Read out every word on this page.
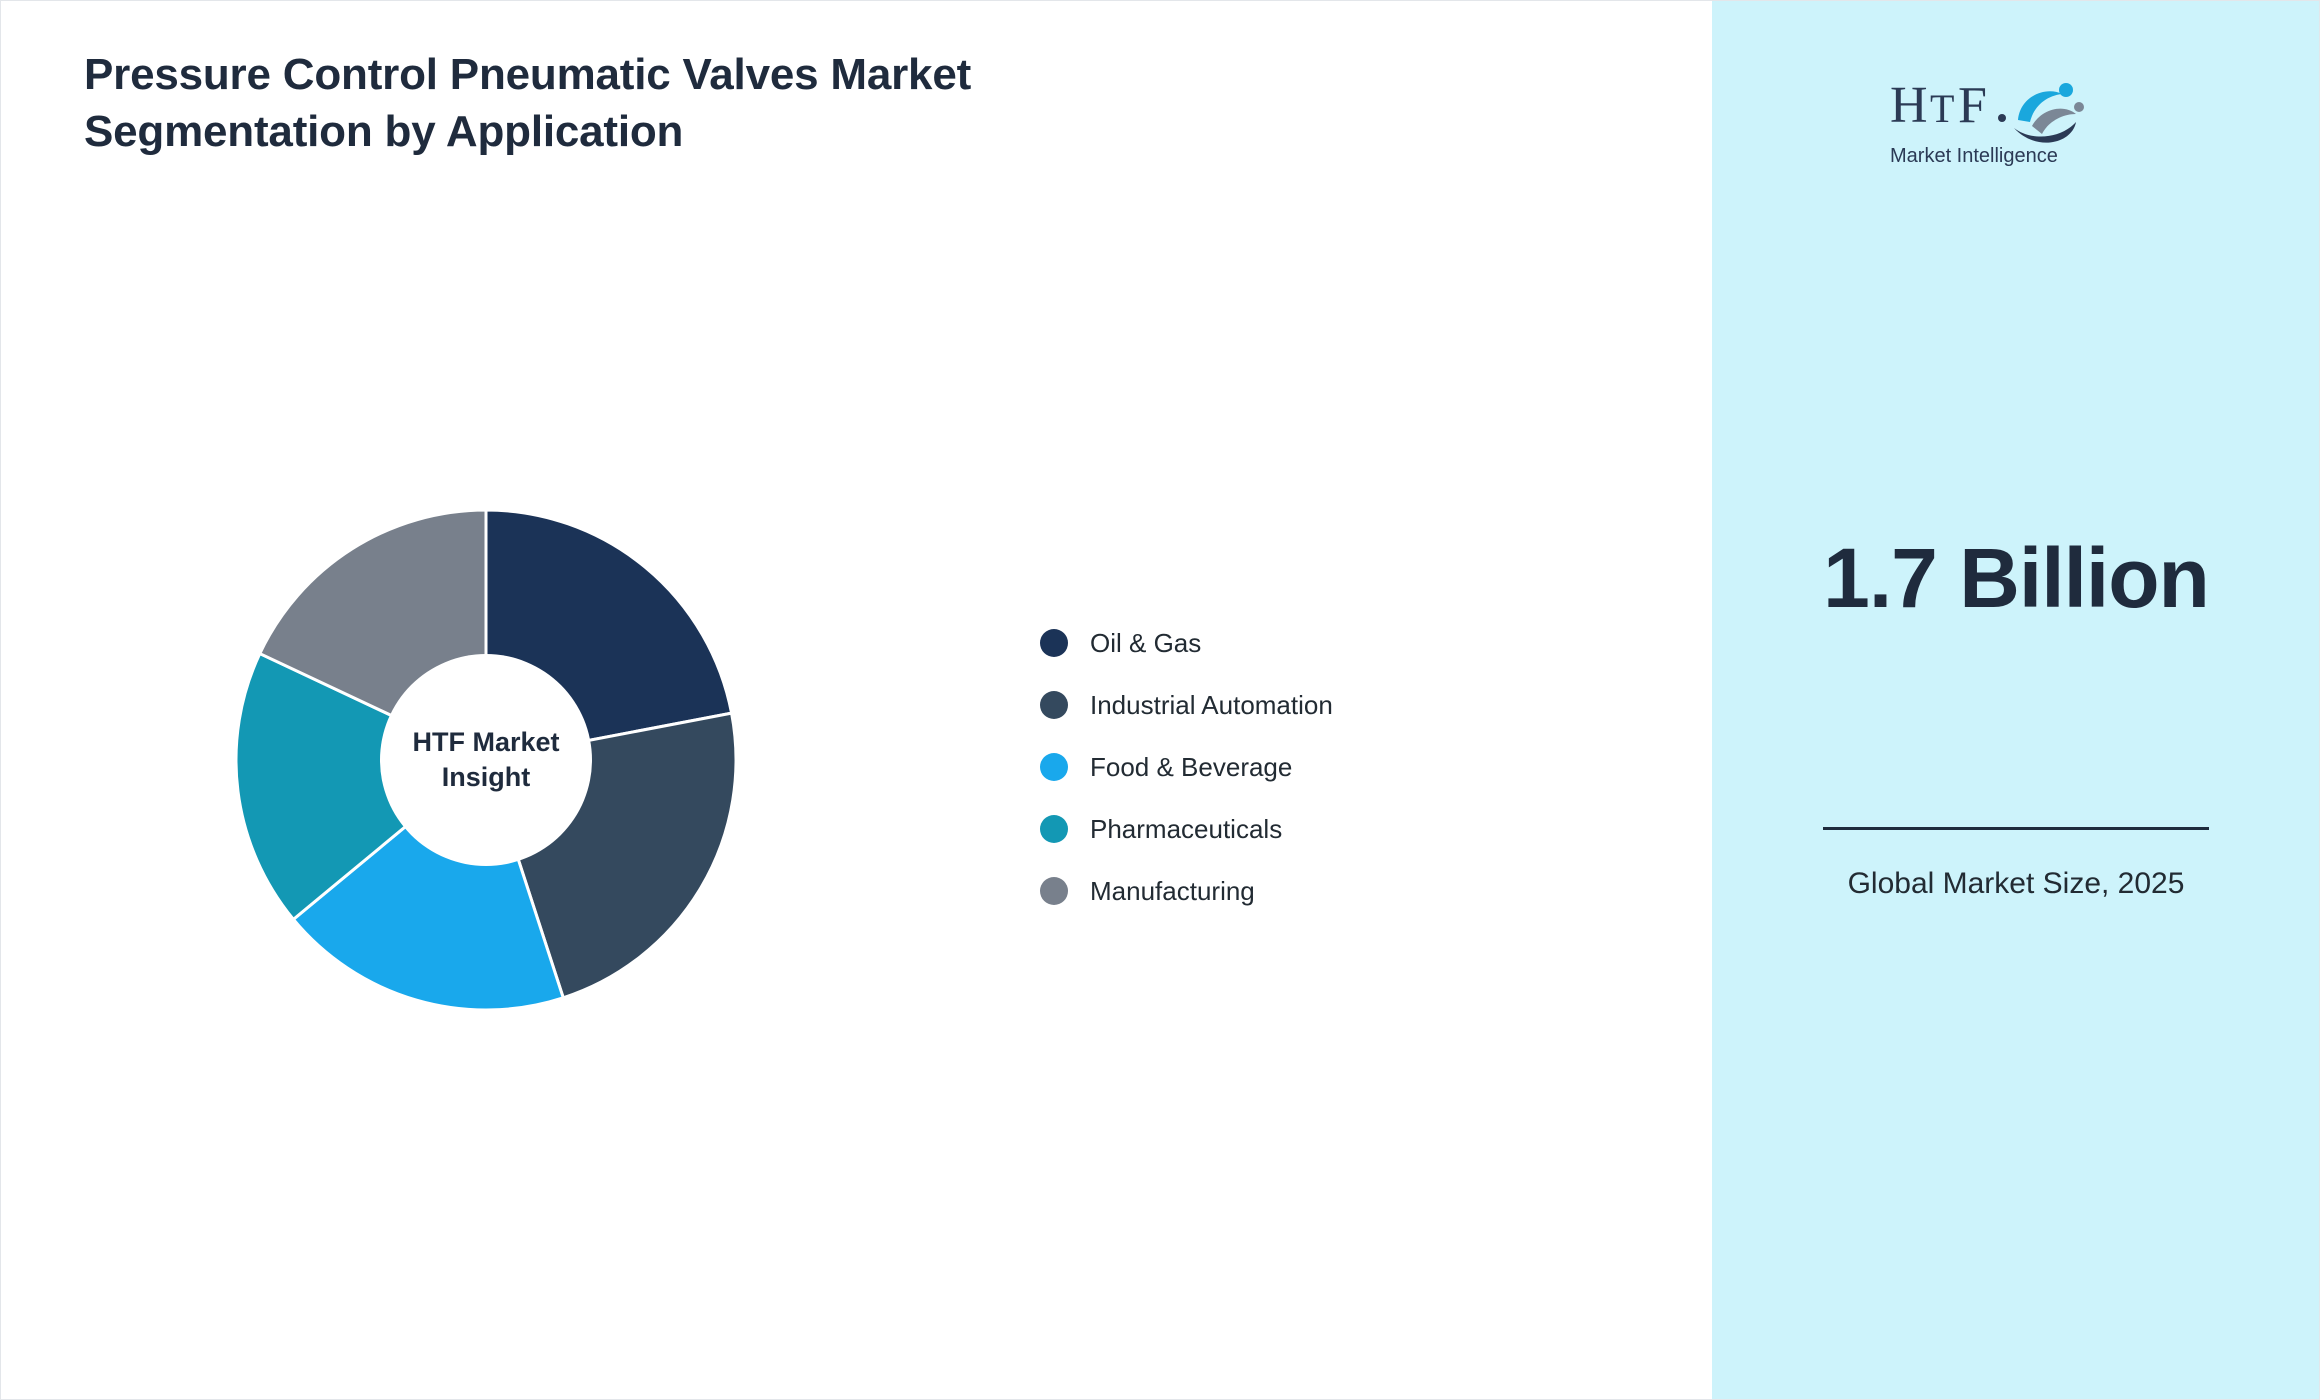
Pressure Control Pneumatic Valves Market Segmentation by Application
HTF Market Insight
Oil & Gas
Industrial Automation
Food & Beverage
Pharmaceuticals
Manufacturing
H T F
Market Intelligence
1.7 Billion
Global Market Size, 2025
